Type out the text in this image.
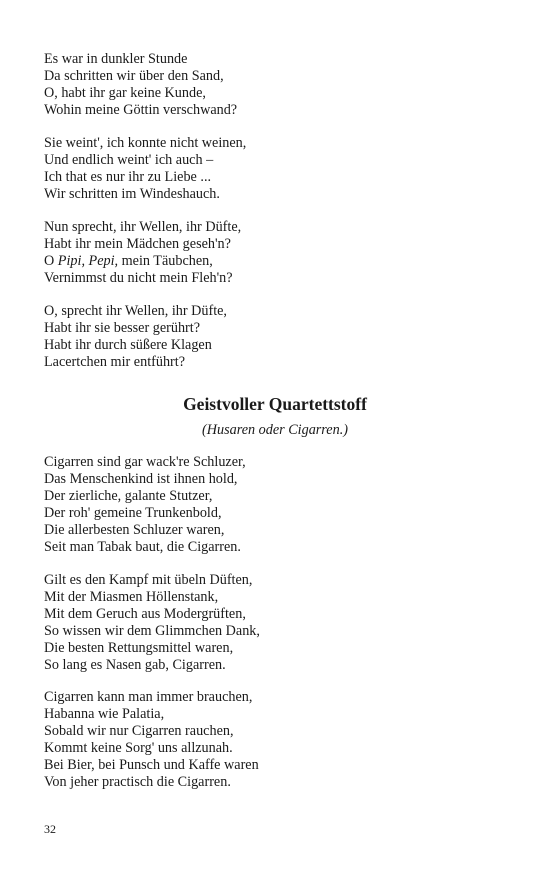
Es war in dunkler Stunde
Da schritten wir über den Sand,
O, habt ihr gar keine Kunde,
Wohin meine Göttin verschwand?
Sie weint', ich konnte nicht weinen,
Und endlich weint' ich auch –
Ich that es nur ihr zu Liebe ...
Wir schritten im Windeshauch.
Nun sprecht, ihr Wellen, ihr Düfte,
Habt ihr mein Mädchen geseh'n?
O Pipi, Pepi, mein Täubchen,
Vernimmst du nicht mein Fleh'n?
O, sprecht ihr Wellen, ihr Düfte,
Habt ihr sie besser gerührt?
Habt ihr durch süßere Klagen
Lacertchen mir entführt?
Geistvoller Quartettstoff
(Husaren oder Cigarren.)
Cigarren sind gar wack're Schluzer,
Das Menschenkind ist ihnen hold,
Der zierliche, galante Stutzer,
Der roh' gemeine Trunkenbold,
Die allerbesten Schluzer waren,
Seit man Tabak baut, die Cigarren.
Gilt es den Kampf mit übeln Düften,
Mit der Miasmen Höllenstank,
Mit dem Geruch aus Modergrüften,
So wissen wir dem Glimmchen Dank,
Die besten Rettungsmittel waren,
So lang es Nasen gab, Cigarren.
Cigarren kann man immer brauchen,
Habanna wie Palatia,
Sobald wir nur Cigarren rauchen,
Kommt keine Sorg' uns allzunah.
Bei Bier, bei Punsch und Kaffe waren
Von jeher practisch die Cigarren.
32
